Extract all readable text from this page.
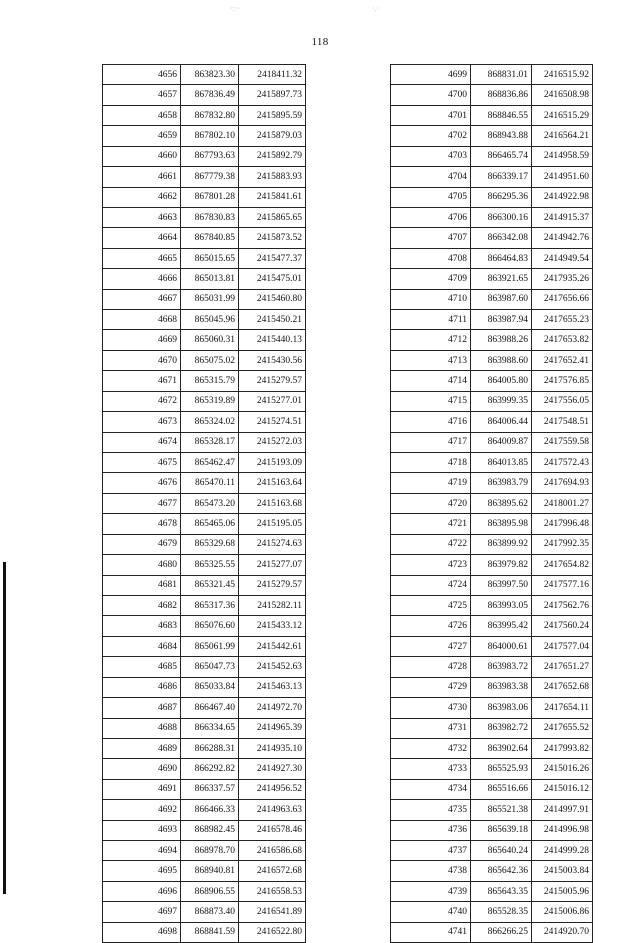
118
4656	863823.30	2418411.32
4657	867836.49	2415897.73
4658	867832.80	2415895.59
4659	867802.10	2415879.03
4660	867793.63	2415892.79
4661	867779.38	2415883.93
4662	867801.28	2415841.61
4663	867830.83	2415865.65
4664	867840.85	2415873.52
4665	865015.65	2415477.37
4666	865013.81	2415475.01
4667	865031.99	2415460.80
4668	865045.96	2415450.21
4669	865060.31	2415440.13
4670	865075.02	2415430.56
4671	865315.79	2415279.57
4672	865319.89	2415277.01
4673	865324.02	2415274.51
4674	865328.17	2415272.03
4675	865462.47	2415193.09
4676	865470.11	2415163.64
4677	865473.20	2415163.68
4678	865465.06	2415195.05
4679	865329.68	2415274.63
4680	865325.55	2415277.07
4681	865321.45	2415279.57
4682	865317.36	2415282.11
4683	865076.60	2415433.12
4684	865061.99	2415442.61
4685	865047.73	2415452.63
4686	865033.84	2415463.13
4687	866467.40	2414972.70
4688	866334.65	2414965.39
4689	866288.31	2414935.10
4690	866292.82	2414927.30
4691	866337.57	2414956.52
4692	866466.33	2414963.63
4693	868982.45	2416578.46
4694	868978.70	2416586.68
4695	868940.81	2416572.68
4696	868906.55	2416558.53
4697	868873.40	2416541.89
4698	868841.59	2416522.80
4699	868831.01	2416515.92
4700	868836.86	2416508.98
4701	868846.55	2416515.29
4702	868943.88	2416564.21
4703	866465.74	2414958.59
4704	866339.17	2414951.60
4705	866295.36	2414922.98
4706	866300.16	2414915.37
4707	866342.08	2414942.76
4708	866464.83	2414949.54
4709	863921.65	2417935.26
4710	863987.60	2417656.66
4711	863987.94	2417655.23
4712	863988.26	2417653.82
4713	863988.60	2417652.41
4714	864005.80	2417576.85
4715	863999.35	2417556.05
4716	864006.44	2417548.51
4717	864009.87	2417559.58
4718	864013.85	2417572.43
4719	863983.79	2417694.93
4720	863895.62	2418001.27
4721	863895.98	2417996.48
4722	863899.92	2417992.35
4723	863979.82	2417654.82
4724	863997.50	2417577.16
4725	863993.05	2417562.76
4726	863995.42	2417560.24
4727	864000.61	2417577.04
4728	863983.72	2417651.27
4729	863983.38	2417652.68
4730	863983.06	2417654.11
4731	863982.72	2417655.52
4732	863902.64	2417993.82
4733	865525.93	2415016.26
4734	865516.66	2415016.12
4735	865521.38	2414997.91
4736	865639.18	2414996.98
4737	865640.24	2414999.28
4738	865642.36	2415003.84
4739	865643.35	2415005.96
4740	865528.35	2415006.86
4741	866266.25	2414920.70
·:··	·.·
